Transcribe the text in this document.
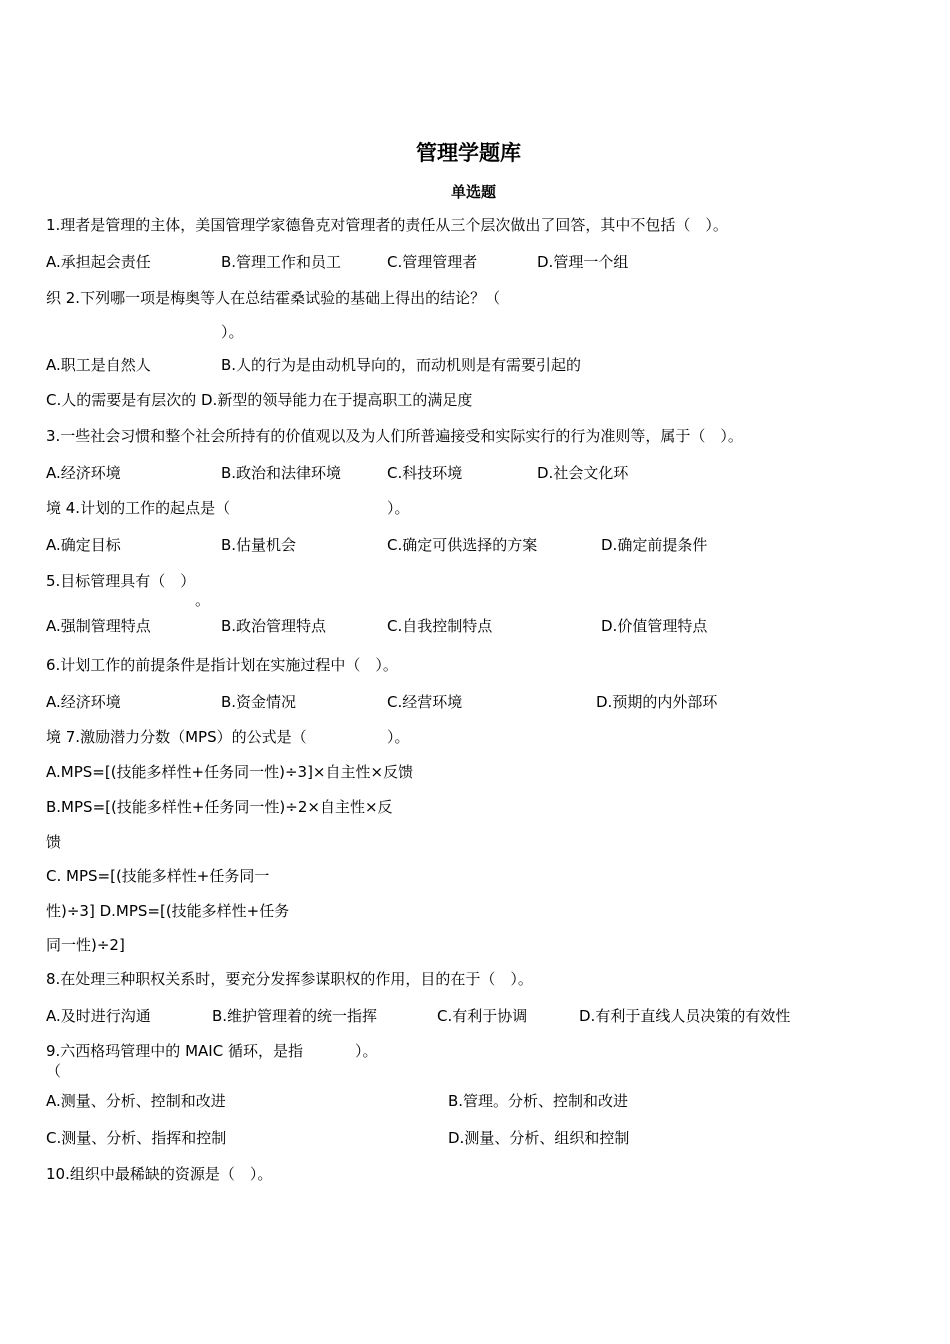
管理学题库
单选题
1.理者是管理的主体，美国管理学家德鲁克对管理者的责任从三个层次做出了回答，其中不包括（　）。
A.承担起会责任	B.管理工作和员工	C.管理管理者	D.管理一个组
织 2.下列哪一项是梅奥等人在总结霍桑试验的基础上得出的结论？（
）。
A.职工是自然人	B.人的行为是由动机导向的，而动机则是有需要引起的
C.人的需要是有层次的 D.新型的领导能力在于提高职工的满足度
3.一些社会习惯和整个社会所持有的价值观以及为人们所普遍接受和实际实行的行为准则等，属于（　）。
A.经济环境	B.政治和法律环境	C.科技环境	D.社会文化环
境 4.计划的工作的起点是（	）。
A.确定目标	B.估量机会	C.确定可供选择的方案	D.确定前提条件
5.目标管理具有（　）
。
A.强制管理特点	B.政治管理特点	C.自我控制特点	D.价值管理特点
6.计划工作的前提条件是指计划在实施过程中（　）。
A.经济环境	B.资金情况	C.经营环境	D.预期的内外部环
境 7.激励潜力分数（MPS）的公式是（	）。
A.MPS=[(技能多样性+任务同一性)÷3]×自主性×反馈
B.MPS=[(技能多样性+任务同一性)÷2×自主性×反
馈
C. MPS=[(技能多样性+任务同一
性)÷3] D.MPS=[(技能多样性+任务
同一性)÷2]
8.在处理三种职权关系时，要充分发挥参谋职权的作用，目的在于（　）。
A.及时进行沟通	B.维护管理着的统一指挥	C.有利于协调	D.有利于直线人员决策的有效性
9.六西格玛管理中的 MAIC 循环，是指	）。
（
A.测量、分析、控制和改进	B.管理。分析、控制和改进
C.测量、分析、指挥和控制	D.测量、分析、组织和控制
10.组织中最稀缺的资源是（　）。
